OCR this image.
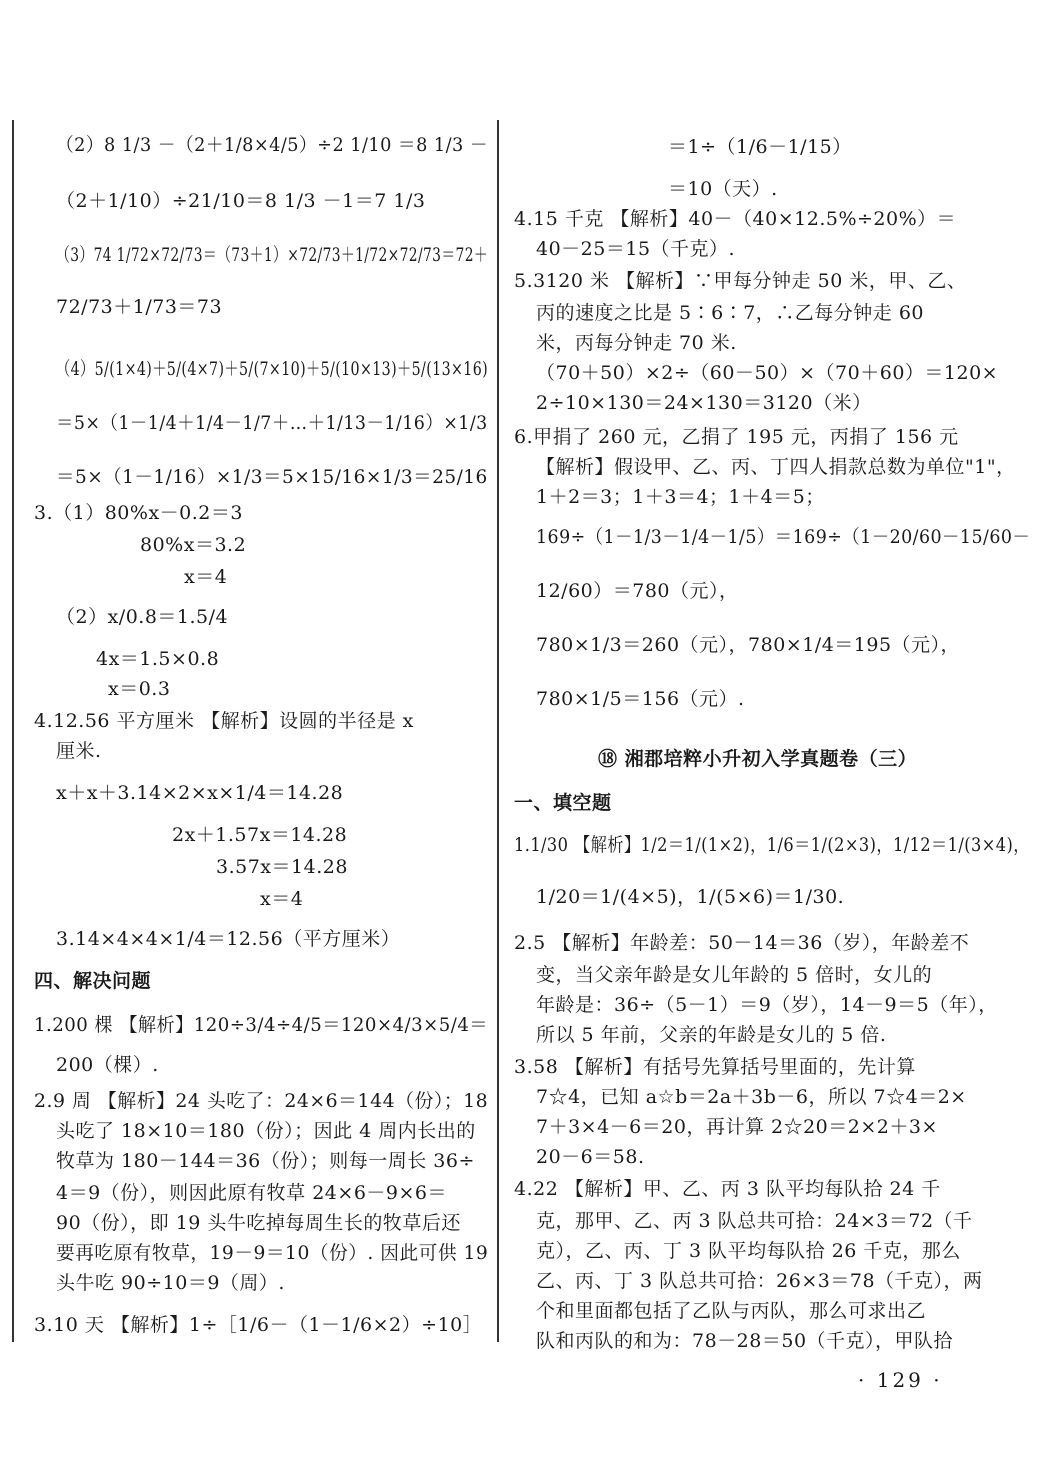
（2）8 1/3 －（2＋1/8×4/5）÷2 1/10 ＝8 1/3 －
（2＋1/10）÷21/10＝8 1/3 －1＝7 1/3
（3）74 1/72×72/73＝（73＋1）×72/73＋1/72×72/73＝72＋
72/73＋1/73＝73
（4）5/(1×4)＋5/(4×7)＋5/(7×10)＋5/(10×13)＋5/(13×16)
＝5×（1－1/4＋1/4－1/7＋…＋1/13－1/16）×1/3
＝5×（1－1/16）×1/3＝5×15/16×1/3＝25/16
3.（1）80%x－0.2＝3
80%x＝3.2
x＝4
（2）x/0.8＝1.5/4
4x＝1.5×0.8
x＝0.3
4.12.56 平方厘米 【解析】设圆的半径是 x
厘米.
x＋x＋3.14×2×x×1/4＝14.28
2x＋1.57x＝14.28
3.57x＝14.28
x＝4
3.14×4×4×1/4＝12.56（平方厘米）
四、解决问题
1.200 棵 【解析】120÷3/4÷4/5＝120×4/3×5/4＝
200（棵）.
2.9 周 【解析】24 头吃了：24×6＝144（份）；18
头吃了 18×10＝180（份）；因此 4 周内长出的
牧草为 180－144＝36（份）；则每一周长 36÷
4＝9（份），则因此原有牧草 24×6－9×6＝
90（份），即 19 头牛吃掉每周生长的牧草后还
要再吃原有牧草，19－9＝10（份）. 因此可供 19
头牛吃 90÷10＝9（周）.
3.10 天 【解析】1÷［1/6－（1－1/6×2）÷10］
＝1÷（1/6－1/15）
＝10（天）.
4.15 千克 【解析】40－（40×12.5%÷20%）＝
40－25＝15（千克）.
5.3120 米 【解析】∵甲每分钟走 50 米，甲、乙、
丙的速度之比是 5∶6∶7，∴乙每分钟走 60
米，丙每分钟走 70 米.
（70＋50）×2÷（60－50）×（70＋60）＝120×
2÷10×130＝24×130＝3120（米）
6.甲捐了 260 元，乙捐了 195 元，丙捐了 156 元
【解析】假设甲、乙、丙、丁四人捐款总数为单位"1"，
1＋2＝3；1＋3＝4；1＋4＝5；
169÷（1－1/3－1/4－1/5）＝169÷（1－20/60－15/60－
12/60）＝780（元），
780×1/3＝260（元），780×1/4＝195（元），
780×1/5＝156（元）.
⑱ 湘郡培粹小升初入学真题卷（三）
一、填空题
1.1/30 【解析】1/2＝1/(1×2)，1/6＝1/(2×3)，1/12＝1/(3×4)，
1/20＝1/(4×5)，1/(5×6)＝1/30.
2.5 【解析】年龄差：50－14＝36（岁），年龄差不
变，当父亲年龄是女儿年龄的 5 倍时，女儿的
年龄是：36÷（5－1）＝9（岁），14－9＝5（年），
所以 5 年前，父亲的年龄是女儿的 5 倍.
3.58 【解析】有括号先算括号里面的，先计算
7☆4，已知 a☆b＝2a＋3b－6，所以 7☆4＝2×
7＋3×4－6＝20，再计算 2☆20＝2×2＋3×
20－6＝58.
4.22 【解析】甲、乙、丙 3 队平均每队拾 24 千
克，那甲、乙、丙 3 队总共可拾：24×3＝72（千
克），乙、丙、丁 3 队平均每队拾 26 千克，那么
乙、丙、丁 3 队总共可拾：26×3＝78（千克），两
个和里面都包括了乙队与丙队，那么可求出乙
队和丙队的和为：78－28＝50（千克），甲队拾
· 129 ·
